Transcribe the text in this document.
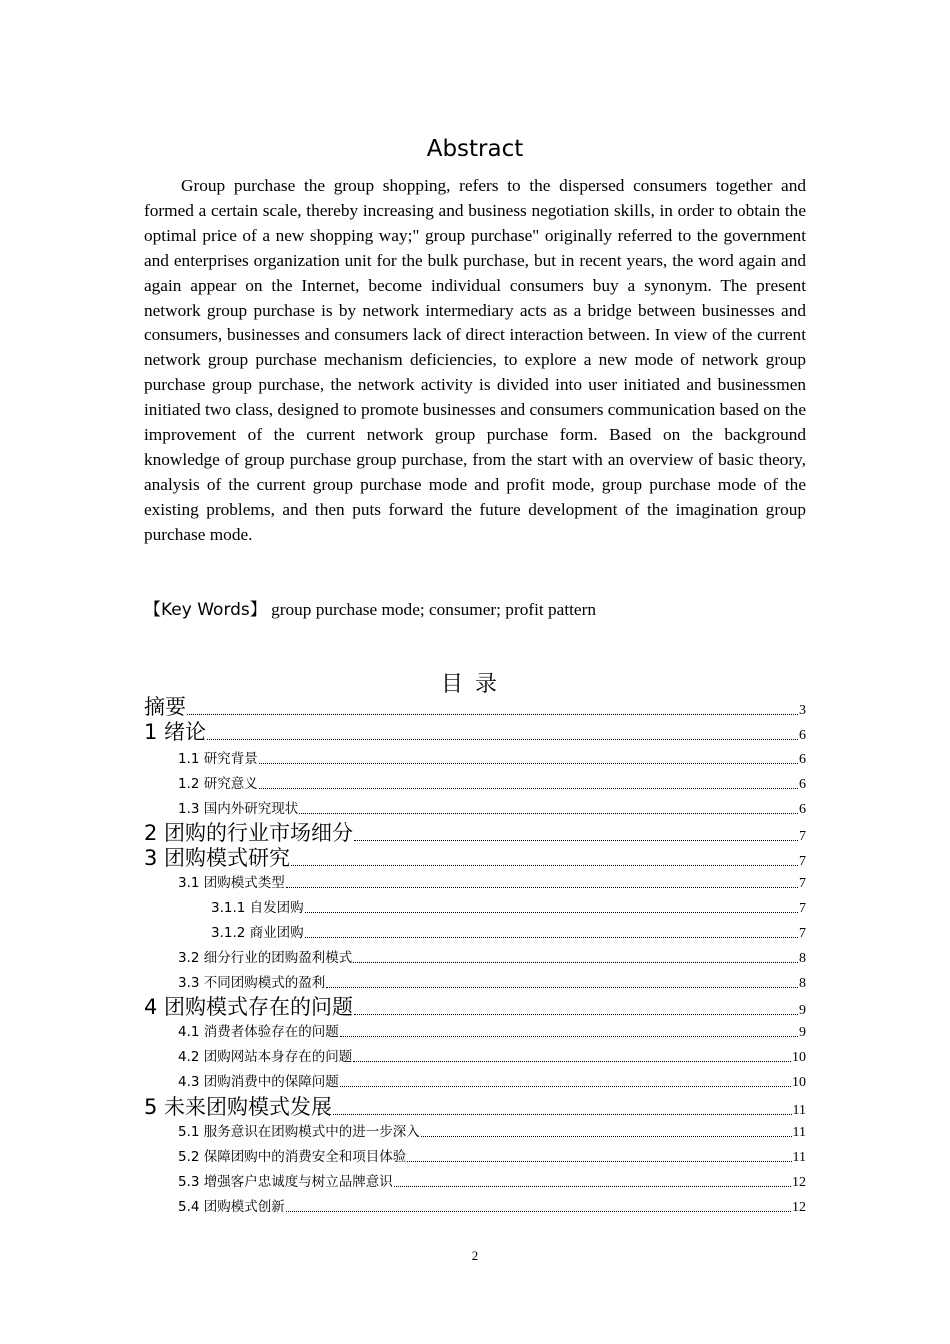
Abstract

Group purchase the group shopping, refers to the dispersed consumers together and formed a certain scale, thereby increasing and business negotiation skills, in order to obtain the optimal price of a new shopping way;" group purchase" originally referred to the government and enterprises organization unit for the bulk purchase, but in recent years, the word again and again appear on the Internet, become individual consumers buy a synonym. The present network group purchase is by network intermediary acts as a bridge between businesses and consumers, businesses and consumers lack of direct interaction between. In view of the current network group purchase mechanism deficiencies, to explore a new mode of network group purchase group purchase, the network activity is divided into user initiated and businessmen initiated two class, designed to promote businesses and consumers communication based on the improvement of the current network group purchase form. Based on the background knowledge of group purchase group purchase, from the start with an overview of basic theory, analysis of the current group purchase mode and profit mode, group purchase mode of the existing problems, and then puts forward the future development of the imagination group purchase mode.

【Key Words】 group purchase mode; consumer; profit pattern
目录
摘要	3
1 绪论	6
1.1 研究背景	6
1.2 研究意义	6
1.3 国内外研究现状	6
2 团购的行业市场细分	7
3 团购模式研究	7
3.1 团购模式类型	7
3.1.1 自发团购	7
3.1.2 商业团购	7
3.2 细分行业的团购盈利模式	8
3.3 不同团购模式的盈利	8
4 团购模式存在的问题	9
4.1 消费者体验存在的问题	9
4.2 团购网站本身存在的问题	10
4.3 团购消费中的保障问题	10
5 未来团购模式发展	11
5.1 服务意识在团购模式中的进一步深入	11
5.2 保障团购中的消费安全和项目体验	11
5.3 增强客户忠诚度与树立品牌意识	12
5.4 团购模式创新	12
2
